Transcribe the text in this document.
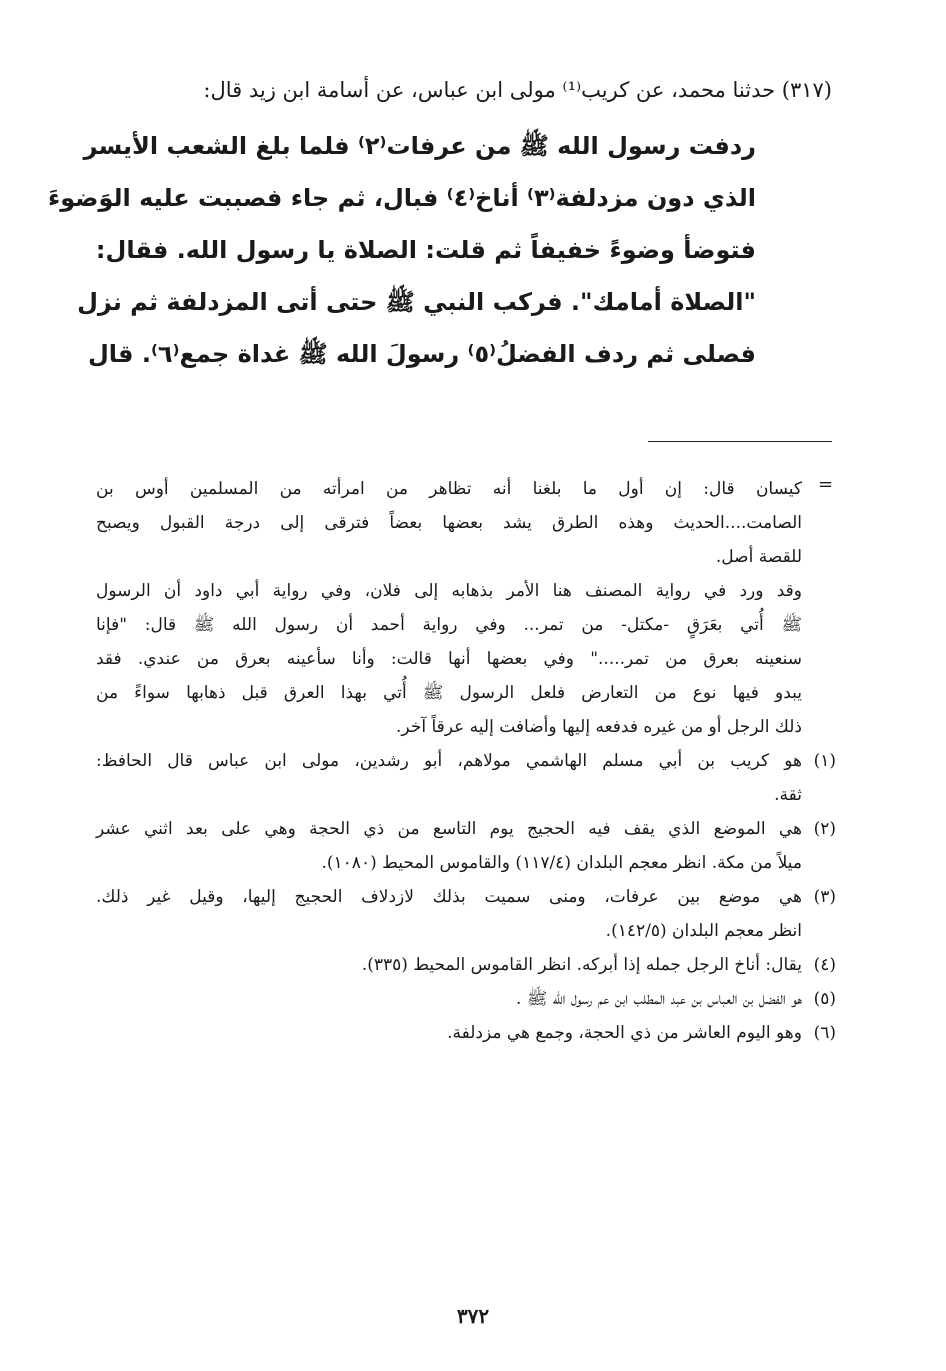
(٣١٧) حدثنا محمد، عن كريب⁽¹⁾ مولى ابن عباس، عن أسامة ابن زيد قال:
ردفت رسول الله ﷺ من عرفات⁽٢⁾ فلما بلغ الشعب الأيسر
الذي دون مزدلفة⁽٣⁾ أناخ⁽٤⁾ فبال، ثم جاء فصببت عليه الوَضوءَ
فتوضأ وضوءً خفيفاً ثم قلت: الصلاة يا رسول الله. فقال:
"الصلاة أمامك". فركب النبي ﷺ حتى أتى المزدلفة ثم نزل
فصلى ثم ردف الفضلُ⁽٥⁾ رسولَ الله ﷺ غداة جمع⁽٦⁾. قال
=
كيسان قال: إن أول ما بلغنا أنه تظاهر من امرأته من المسلمين أوس بن
الصامت....الحديث وهذه الطرق يشد بعضها بعضاً فترقى إلى درجة القبول ويصبح
للقصة أصل.
وقد ورد في رواية المصنف هنا الأمر بذهابه إلى فلان، وفي رواية أبي داود أن الرسول
ﷺ أُتي بعَرَقٍ -مكتل- من تمر... وفي رواية أحمد أن رسول الله ﷺ قال: "فإنا
سنعينه بعرق من تمر....." وفي بعضها أنها قالت: وأنا سأعينه بعرق من عندي. فقد
يبدو فيها نوع من التعارض فلعل الرسول ﷺ أُتي بهذا العرق قبل ذهابها سواءً من
ذلك الرجل أو من غيره فدفعه إليها وأضافت إليه عرقاً آخر.
(١)
هو كريب بن أبي مسلم الهاشمي مولاهم، أبو رشدين، مولى ابن عباس قال الحافظ:
ثقة.
(٢)
هي الموضع الذي يقف فيه الحجيج يوم التاسع من ذي الحجة وهي على بعد اثني عشر
ميلاً من مكة. انظر معجم البلدان (١١٧/٤) والقاموس المحيط (١٠٨٠).
(٣)
هي موضع بين عرفات، ومنى سميت بذلك لازدلاف الحجيج إليها، وقيل غير ذلك.
انظر معجم البلدان (١٤٢/٥).
(٤)
يقال: أناخ الرجل جمله إذا أبركه. انظر القاموس المحيط (٣٣٥).
(٥)
هو الفضل بن العباس بن عبد المطلب ابن عم رسول الله ﷺ .
(٦)
وهو اليوم العاشر من ذي الحجة، وجمع هي مزدلفة.
٣٧٢
